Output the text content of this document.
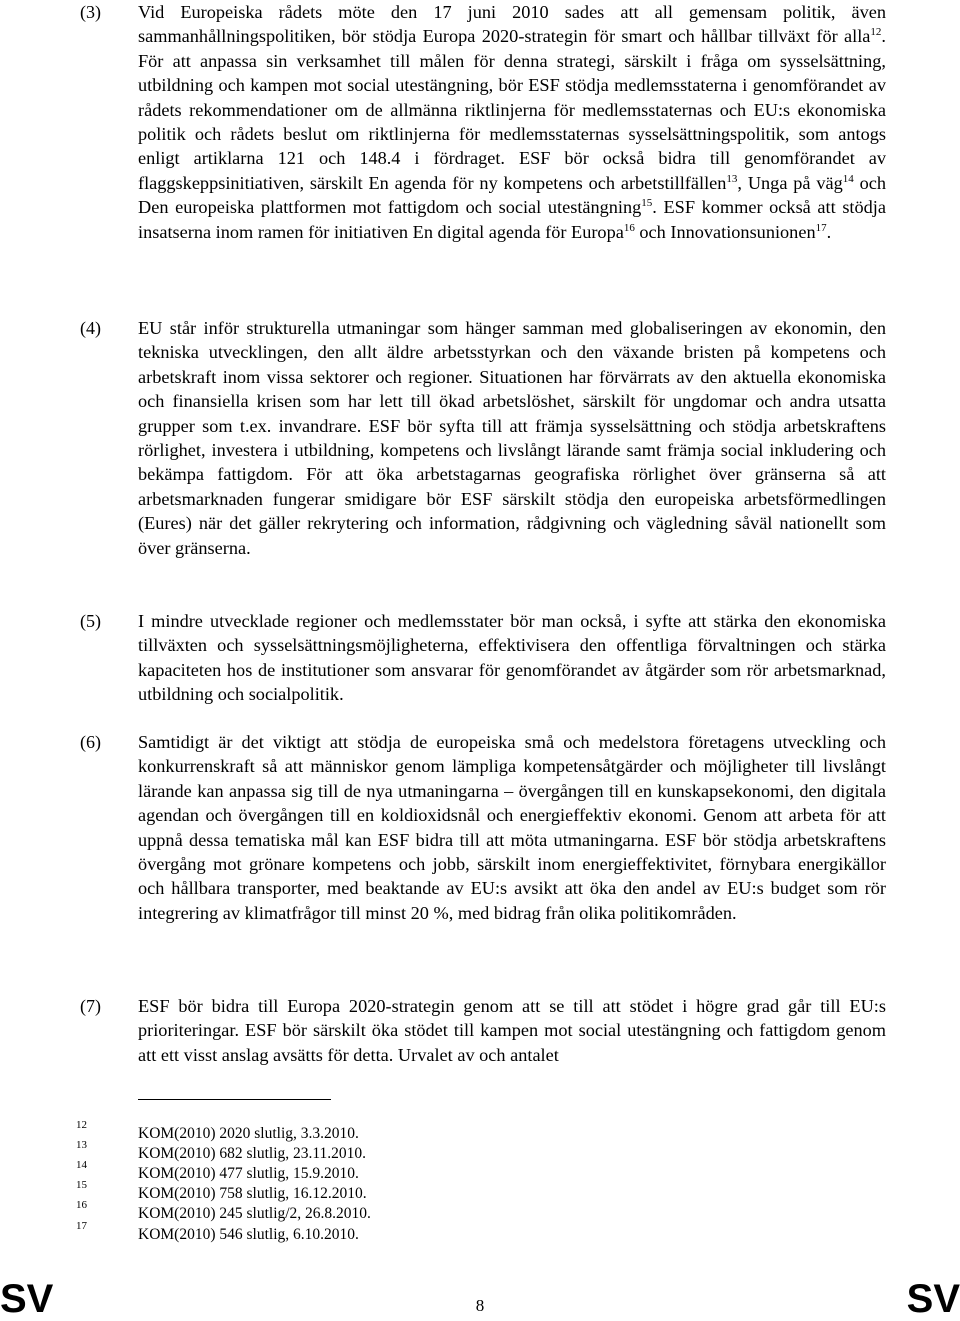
(3) Vid Europeiska rådets möte den 17 juni 2010 sades att all gemensam politik, även sammanhållningspolitiken, bör stödja Europa 2020-strategin för smart och hållbar tillväxt för alla$^{12}$. För att anpassa sin verksamhet till målen för denna strategi, särskilt i fråga om sysselsättning, utbildning och kampen mot social utestängning, bör ESF stödja medlemsstaterna i genomförandet av rådets rekommendationer om de allmänna riktlinjerna för medlemsstaternas och EU:s ekonomiska politik och rådets beslut om riktlinjerna för medlemsstaternas sysselsättningspolitik, som antogs enligt artiklarna 121 och 148.4 i fördraget. ESF bör också bidra till genomförandet av flaggskeppsinitiativen, särskilt En agenda för ny kompetens och arbetstillfällen$^{13}$, Unga på väg$^{14}$ och Den europeiska plattformen mot fattigdom och social utestängning$^{15}$. ESF kommer också att stödja insatserna inom ramen för initiativen En digital agenda för Europa$^{16}$ och Innovationsunionen$^{17}$.
(4) EU står inför strukturella utmaningar som hänger samman med globaliseringen av ekonomin, den tekniska utvecklingen, den allt äldre arbetsstyrkan och den växande bristen på kompetens och arbetskraft inom vissa sektorer och regioner. Situationen har förvärrats av den aktuella ekonomiska och finansiella krisen som har lett till ökad arbetslöshet, särskilt för ungdomar och andra utsatta grupper som t.ex. invandrare. ESF bör syfta till att främja sysselsättning och stödja arbetskraftens rörlighet, investera i utbildning, kompetens och livslångt lärande samt främja social inkludering och bekämpa fattigdom. För att öka arbetstagarnas geografiska rörlighet över gränserna så att arbetsmarknaden fungerar smidigare bör ESF särskilt stödja den europeiska arbetsförmedlingen (Eures) när det gäller rekrytering och information, rådgivning och vägledning såväl nationellt som över gränserna.
(5) I mindre utvecklade regioner och medlemsstater bör man också, i syfte att stärka den ekonomiska tillväxten och sysselsättningsmöjligheterna, effektivisera den offentliga förvaltningen och stärka kapaciteten hos de institutioner som ansvarar för genomförandet av åtgärder som rör arbetsmarknad, utbildning och socialpolitik.
(6) Samtidigt är det viktigt att stödja de europeiska små och medelstora företagens utveckling och konkurrenskraft så att människor genom lämpliga kompetensåtgärder och möjligheter till livslångt lärande kan anpassa sig till de nya utmaningarna – övergången till en kunskapsekonomi, den digitala agendan och övergången till en koldioxidsnål och energieffektiv ekonomi. Genom att arbeta för att uppnå dessa tematiska mål kan ESF bidra till att möta utmaningarna. ESF bör stödja arbetskraftens övergång mot grönare kompetens och jobb, särskilt inom energieffektivitet, förnybara energikällor och hållbara transporter, med beaktande av EU:s avsikt att öka den andel av EU:s budget som rör integrering av klimatfrågor till minst 20 %, med bidrag från olika politikområden.
(7) ESF bör bidra till Europa 2020-strategin genom att se till att stödet i högre grad går till EU:s prioriteringar. ESF bör särskilt öka stödet till kampen mot social utestängning och fattigdom genom att ett visst anslag avsätts för detta. Urvalet av och antalet
12	KOM(2010) 2020 slutlig, 3.3.2010.
13	KOM(2010) 682 slutlig, 23.11.2010.
14	KOM(2010) 477 slutlig, 15.9.2010.
15	KOM(2010) 758 slutlig, 16.12.2010.
16	KOM(2010) 245 slutlig/2, 26.8.2010.
17	KOM(2010) 546 slutlig, 6.10.2010.
8
SV	SV
